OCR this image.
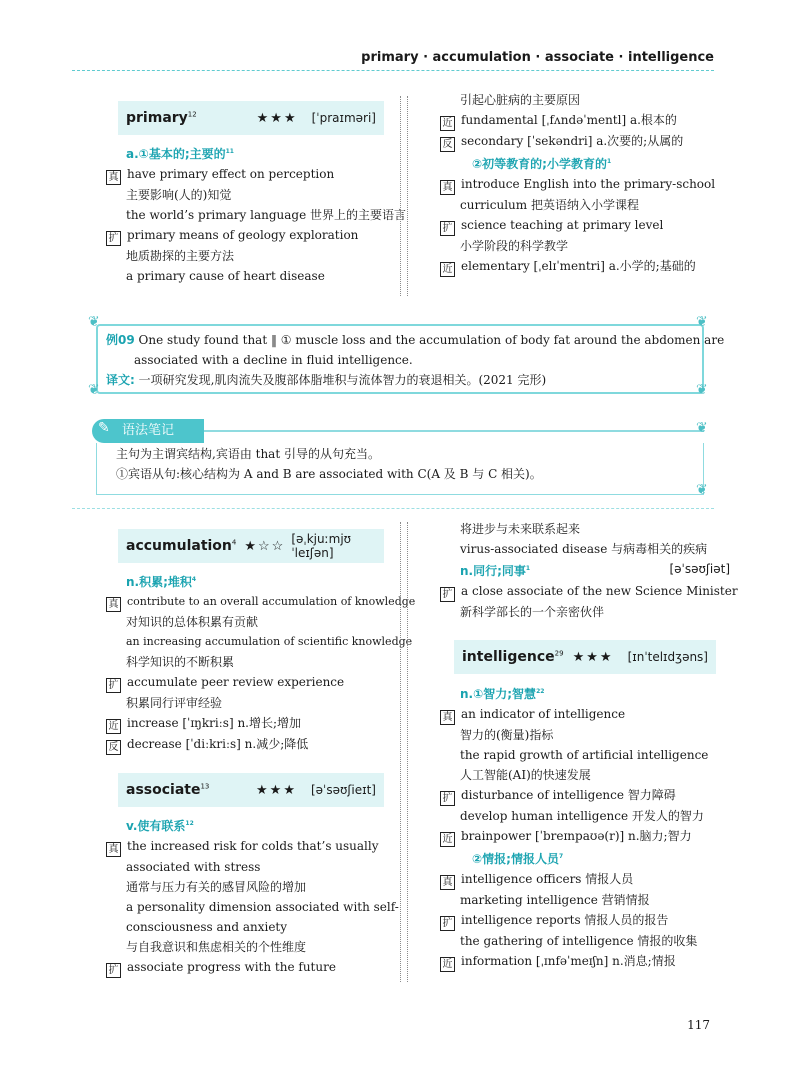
primary · accumulation · associate · intelligence
primary$^{12}$	★★★ [ˈpraɪməri]
a.①基本的;主要的$^{11}$
真 have primary effect on perception
主要影响(人的)知觉
the world’s primary language 世界上的主要语言
扩 primary means of geology exploration
地质勘探的主要方法
a primary cause of heart disease
引起心脏病的主要原因
近 fundamental [ˌfʌndəˈmentl] a.根本的
反 secondary [ˈsekəndri] a.次要的;从属的
②初等教育的;小学教育的$^1$
真 introduce English into the primary-school
curriculum 把英语纳入小学课程
扩 science teaching at primary level
小学阶段的科学教学
近 elementary [ˌelɪˈmentri] a.小学的;基础的
❦	❦
❦	❦
例09 One study found that ‖ ① muscle loss and the accumulation of body fat around the abdomen are
associated with a decline in fluid intelligence.
译文: 一项研究发现,肌肉流失及腹部体脂堆积与流体智力的衰退相关。(2021 完形)
语法笔记
✎	❦
❦
主句为主谓宾结构,宾语由 that 引导的从句充当。
①宾语从句:核心结构为 A and B are associated with C(A 及 B 与 C 相关)。
accumulation$^4$ ★☆☆ [əˌkjuːmjʊˈleɪʃən]
n.积累;堆积$^4$
真 contribute to an overall accumulation of knowledge
对知识的总体积累有贡献
an increasing accumulation of scientific knowledge
科学知识的不断积累
扩 accumulate peer review experience
积累同行评审经验
近 increase [ˈɪŋkriːs] n.增长;增加
反 decrease [ˈdiːkriːs] n.减少;降低
associate$^{13}$	★★★ [əˈsəʊʃieɪt]
v.使有联系$^{12}$
真 the increased risk for colds that’s usually
associated with stress
通常与压力有关的感冒风险的增加
a personality dimension associated with self-
consciousness and anxiety
与自我意识和焦虑相关的个性维度
扩 associate progress with the future
将进步与未来联系起来
virus-associated disease 与病毒相关的疾病
n.同行;同事$^1$	[əˈsəʊʃiət]
扩 a close associate of the new Science Minister
新科学部长的一个亲密伙伴
intelligence$^{29}$ ★★★ [ɪnˈtelɪdʒəns]
n.①智力;智慧$^{22}$
真 an indicator of intelligence
智力的(衡量)指标
the rapid growth of artificial intelligence
人工智能(AI)的快速发展
扩 disturbance of intelligence 智力障碍
develop human intelligence 开发人的智力
近 brainpower [ˈbreɪnpaʊə(r)] n.脑力;智力
②情报;情报人员$^7$
真 intelligence officers 情报人员
marketing intelligence 营销情报
扩 intelligence reports 情报人员的报告
the gathering of intelligence 情报的收集
近 information [ˌɪnfəˈmeɪʃn] n.消息;情报
117
